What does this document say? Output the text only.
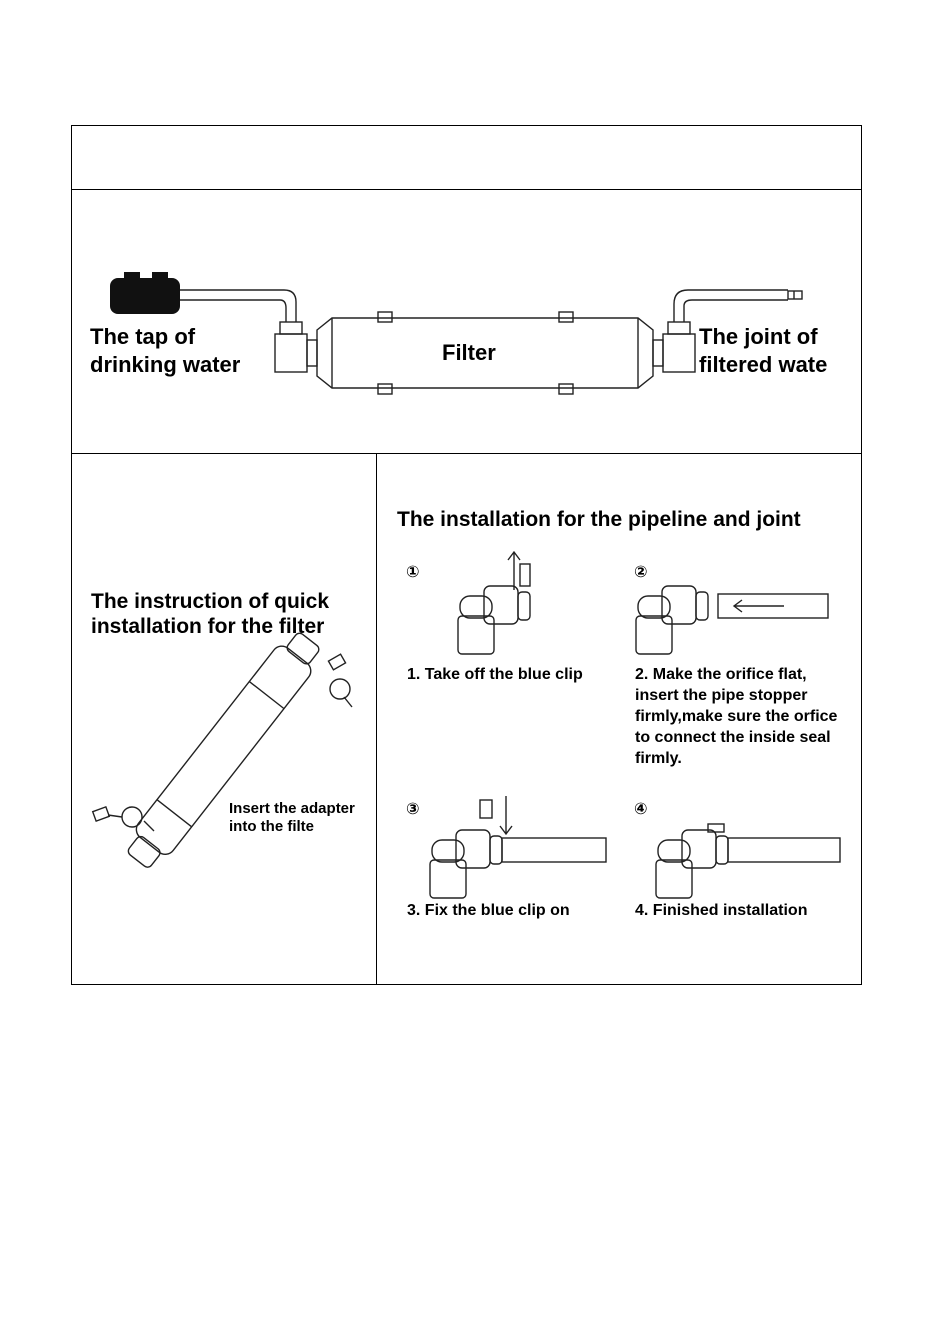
The tap of
drinking water	Filter
The joint of
filtered wate
The instruction of quick
installation for the filter
Insert the adapter
into the filte
The installation for the pipeline and joint
①
1. Take off the blue clip
②
2. Make the orifice flat,
insert the pipe stopper
firmly,make sure the orfice
to connect the inside seal
firmly.
③
3. Fix the blue clip on
④
4. Finished installation
